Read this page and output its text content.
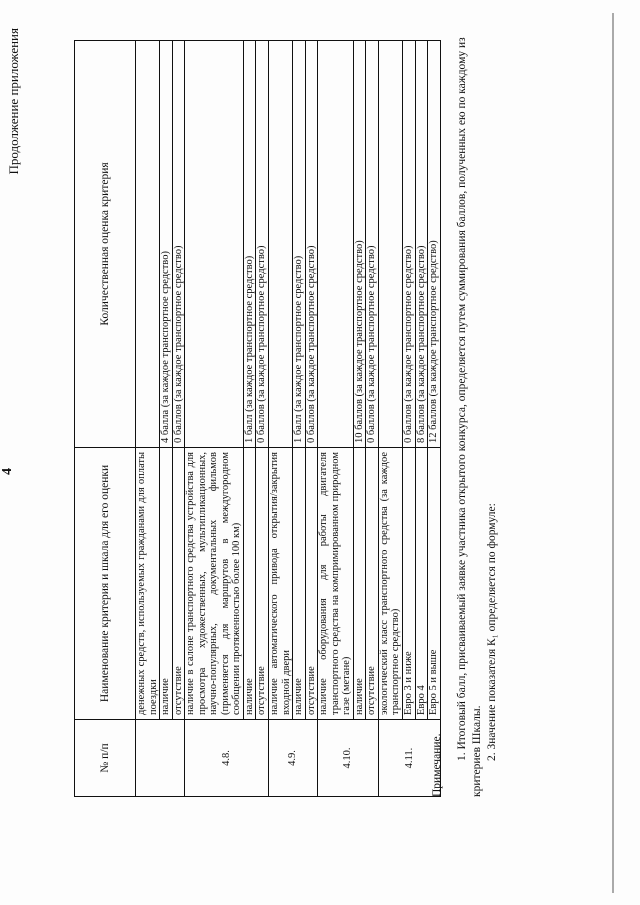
4
Продолжение приложения
№ п/п	Наименование критерия и шкала для его оценки	Количественная оценка критерия
	денежных средств, используемых гражданами для оплаты поездки	
	наличие	4 балла (за каждое транспортное средство)
	отсутствие	0 баллов (за каждое транспортное средство)
4.8.	наличие в салоне транспортного средства устройства для просмотра художественных, мультипликационных, научно-популярных, документальных фильмов (применяется для маршрутов в междугородном сообщении протяженностью более 100 км)	
	наличие	1 балл (за каждое транспортное средство)
	отсутствие	0 баллов (за каждое транспортное средство)
4.9.	наличие автоматического привода открытия/закрытия входной двери	
	наличие	1 балл (за каждое транспортное средство)
	отсутствие	0 баллов (за каждое транспортное средство)
4.10.	наличие оборудования для работы двигателя транспортного средства на компримированном природном газе (метане)	
	наличие	10 баллов (за каждое транспортное средство)
	отсутствие	0 баллов (за каждое транспортное средство)
4.11.	экологический класс транспортного средства (за каждое транспортное средство)	
	Евро 3 и ниже	0 баллов (за каждое транспортное средство)
	Евро 4	8 баллов (за каждое транспортное средство)
	Евро 5 и выше	12 баллов (за каждое транспортное средство)

Примечание.

1. Итоговый балл, присваиваемый заявке участника открытого конкурса, определяется путем суммирования баллов, полученных ею по каждому из критериев Шкалы. 2. Значение показателя К₁ определяется по формуле:
